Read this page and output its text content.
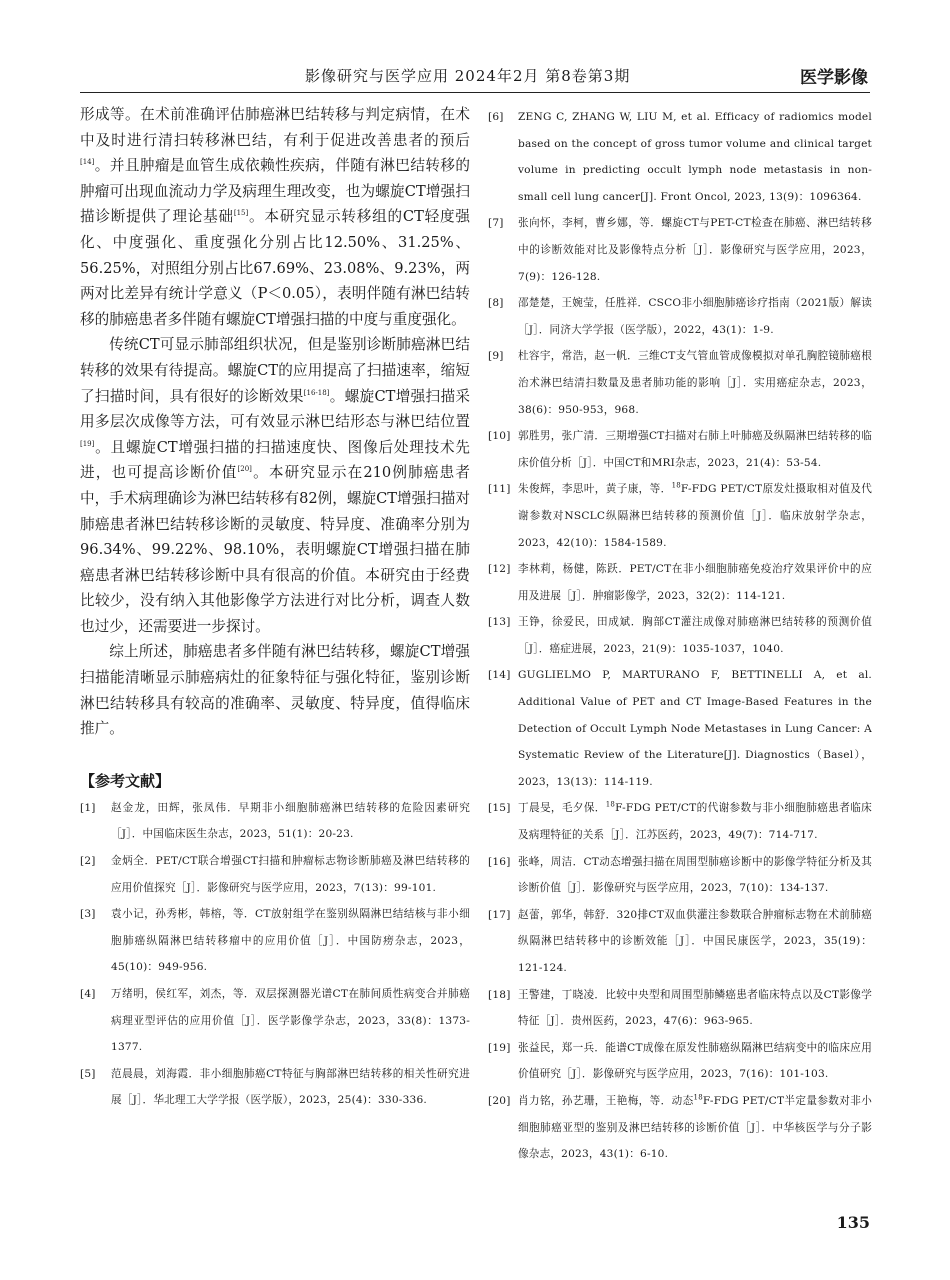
影像研究与医学应用 2024年2月 第8卷第3期	医学影像

形成等。在术前准确评估肺癌淋巴结转移与判定病情，在术中及时进行清扫转移淋巴结，有利于促进改善患者的预后[14]。并且肿瘤是血管生成依赖性疾病，伴随有淋巴结转移的肿瘤可出现血流动力学及病理生理改变，也为螺旋CT增强扫描诊断提供了理论基础[15]。本研究显示转移组的CT轻度强化、中度强化、重度强化分别占比12.50%、31.25%、56.25%，对照组分别占比67.69%、23.08%、9.23%，两两对比差异有统计学意义（P＜0.05），表明伴随有淋巴结转移的肺癌患者多伴随有螺旋CT增强扫描的中度与重度强化。

传统CT可显示肺部组织状况，但是鉴别诊断肺癌淋巴结转移的效果有待提高。螺旋CT的应用提高了扫描速率，缩短了扫描时间，具有很好的诊断效果[16-18]。螺旋CT增强扫描采用多层次成像等方法，可有效显示淋巴结形态与淋巴结位置[19]。且螺旋CT增强扫描的扫描速度快、图像后处理技术先进，也可提高诊断价值[20]。本研究显示在210例肺癌患者中，手术病理确诊为淋巴结转移有82例，螺旋CT增强扫描对肺癌患者淋巴结转移诊断的灵敏度、特异度、准确率分别为96.34%、99.22%、98.10%，表明螺旋CT增强扫描在肺癌患者淋巴结转移诊断中具有很高的价值。本研究由于经费比较少，没有纳入其他影像学方法进行对比分析，调查人数也过少，还需要进一步探讨。

综上所述，肺癌患者多伴随有淋巴结转移，螺旋CT增强扫描能清晰显示肺癌病灶的征象特征与强化特征，鉴别诊断淋巴结转移具有较高的准确率、灵敏度、特异度，值得临床推广。

【参考文献】
[1] 赵金龙，田辉，张凤伟．早期非小细胞肺癌淋巴结转移的危险因素研究［J］．中国临床医生杂志，2023，51(1)：20-23.
[2] 金炳全．PET/CT联合增强CT扫描和肿瘤标志物诊断肺癌及淋巴结转移的应用价值探究［J］．影像研究与医学应用，2023，7(13)：99-101.
[3] 袁小记，孙秀彬，韩榕，等．CT放射组学在鉴别纵隔淋巴结结核与非小细胞肺癌纵隔淋巴结转移瘤中的应用价值［J］．中国防痨杂志，2023，45(10)：949-956.
[4] 万绪明，侯红军，刘杰，等．双层探测器光谱CT在肺间质性病变合并肺癌病理亚型评估的应用价值［J］．医学影像学杂志，2023，33(8)：1373-1377.
[5] 范晨晨，刘海霞．非小细胞肺癌CT特征与胸部淋巴结转移的相关性研究进展［J］．华北理工大学学报（医学版），2023，25(4)：330-336.
[6] ZENG C, ZHANG W, LIU M, et al. Efficacy of radiomics model based on the concept of gross tumor volume and clinical target volume in predicting occult lymph node metastasis in non-small cell lung cancer[J]. Front Oncol, 2023, 13(9)：1096364.
[7] 张向怀，李柯，曹乡娜，等．螺旋CT与PET-CT检查在肺癌、淋巴结转移中的诊断效能对比及影像特点分析［J］．影像研究与医学应用，2023，7(9)：126-128.
[8] 邵楚楚，王婉莹，任胜祥．CSCO非小细胞肺癌诊疗指南（2021版）解读［J］．同济大学学报（医学版），2022，43(1)：1-9.
[9] 杜容宇，常浩，赵一帆．三维CT支气管血管成像模拟对单孔胸腔镜肺癌根治术淋巴结清扫数量及患者肺功能的影响［J］．实用癌症杂志，2023，38(6)：950-953，968.
[10] 郭胜男，张广清．三期增强CT扫描对右肺上叶肺癌及纵隔淋巴结转移的临床价值分析［J］．中国CT和MRI杂志，2023，21(4)：53-54.
[11] 朱俊辉，李思叶，黄子康，等．$^{18}$F-FDG PET/CT原发灶摄取相对值及代谢参数对NSCLC纵隔淋巴结转移的预测价值［J］．临床放射学杂志，2023，42(10)：1584-1589.
[12] 李林莉，杨健，陈跃．PET/CT在非小细胞肺癌免疫治疗效果评价中的应用及进展［J］．肿瘤影像学，2023，32(2)：114-121.
[13] 王铮，徐爱民，田成斌．胸部CT灌注成像对肺癌淋巴结转移的预测价值［J］．癌症进展，2023，21(9)：1035-1037，1040.
[14] GUGLIELMO P, MARTURANO F, BETTINELLI A, et al. Additional Value of PET and CT Image-Based Features in the Detection of Occult Lymph Node Metastases in Lung Cancer: A Systematic Review of the Literature[J]. Diagnostics（Basel），2023，13(13)：114-119.
[15] 丁晨旻，毛夕保．$^{18}$F-FDG PET/CT的代谢参数与非小细胞肺癌患者临床及病理特征的关系［J］．江苏医药，2023，49(7)：714-717.
[16] 张峰，周洁．CT动态增强扫描在周围型肺癌诊断中的影像学特征分析及其诊断价值［J］．影像研究与医学应用，2023，7(10)：134-137.
[17] 赵蕾，郭华，韩舒．320排CT双血供灌注参数联合肿瘤标志物在术前肺癌纵隔淋巴结转移中的诊断效能［J］．中国民康医学，2023，35(19)：121-124.
[18] 王警建，丁晓凌．比较中央型和周围型肺鳞癌患者临床特点以及CT影像学特征［J］．贵州医药，2023，47(6)：963-965.
[19] 张益民，郑一兵．能谱CT成像在原发性肺癌纵隔淋巴结病变中的临床应用价值研究［J］．影像研究与医学应用，2023，7(16)：101-103.
[20] 肖力铭，孙艺珊，王艳梅，等．动态$^{18}$F-FDG PET/CT半定量参数对非小细胞肺癌亚型的鉴别及淋巴结转移的诊断价值［J］．中华核医学与分子影像杂志，2023，43(1)：6-10.
135
